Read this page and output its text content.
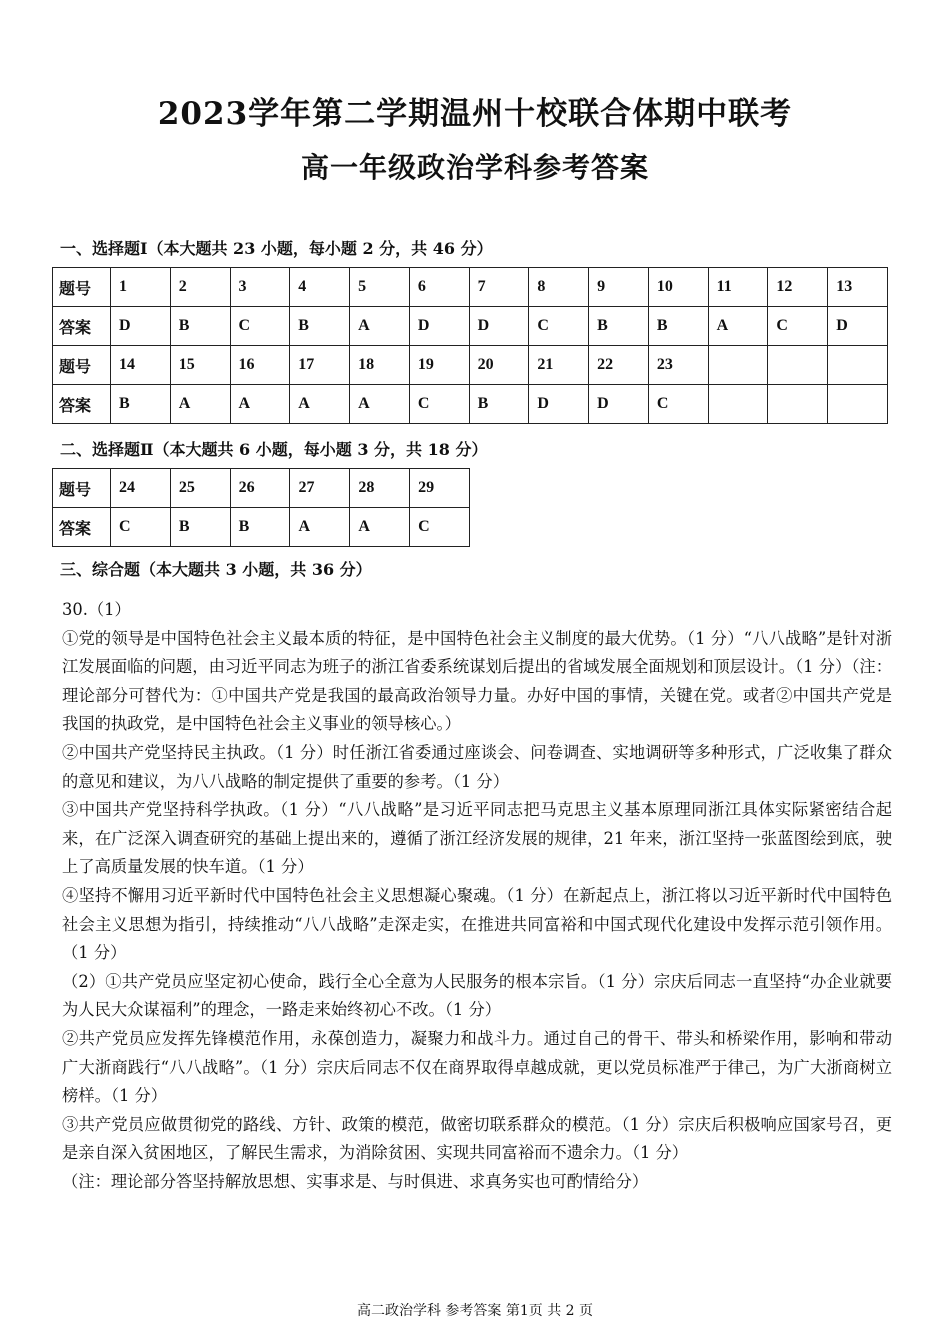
2023学年第二学期温州十校联合体期中联考
高一年级政治学科参考答案
一、选择题Ⅰ（本大题共 23 小题，每小题 2 分，共 46 分）
题号	1	2	3	4	5	6	7	8	9	10	11	12	13
答案	D	B	C	B	A	D	D	C	B	B	A	C	D
题号	14	15	16	17	18	19	20	21	22	23			
答案	B	A	A	A	A	C	B	D	D	C			
二、选择题Ⅱ（本大题共 6 小题，每小题 3 分，共 18 分）
题号	24	25	26	27	28	29
答案	C	B	B	A	A	C
三、综合题（本大题共 3 小题，共 36 分）

30.（1）

①党的领导是中国特色社会主义最本质的特征，是中国特色社会主义制度的最大优势。（1 分）“八八战略”是针对浙江发展面临的问题，由习近平同志为班子的浙江省委系统谋划后提出的省域发展全面规划和顶层设计。（1 分）（注：理论部分可替代为：①中国共产党是我国的最高政治领导力量。办好中国的事情，关键在党。或者②中国共产党是我国的执政党，是中国特色社会主义事业的领导核心。）

②中国共产党坚持民主执政。（1 分）时任浙江省委通过座谈会、问卷调查、实地调研等多种形式，广泛收集了群众的意见和建议，为八八战略的制定提供了重要的参考。（1 分）

③中国共产党坚持科学执政。（1 分）“八八战略”是习近平同志把马克思主义基本原理同浙江具体实际紧密结合起来，在广泛深入调查研究的基础上提出来的，遵循了浙江经济发展的规律，21 年来，浙江坚持一张蓝图绘到底，驶上了高质量发展的快车道。（1 分）

④坚持不懈用习近平新时代中国特色社会主义思想凝心聚魂。（1 分）在新起点上，浙江将以习近平新时代中国特色社会主义思想为指引，持续推动“八八战略”走深走实，在推进共同富裕和中国式现代化建设中发挥示范引领作用。（1 分）

（2）①共产党员应坚定初心使命，践行全心全意为人民服务的根本宗旨。（1 分）宗庆后同志一直坚持“办企业就要为人民大众谋福利”的理念，一路走来始终初心不改。（1 分）

②共产党员应发挥先锋模范作用，永葆创造力，凝聚力和战斗力。通过自己的骨干、带头和桥梁作用，影响和带动广大浙商践行“八八战略”。（1 分）宗庆后同志不仅在商界取得卓越成就，更以党员标准严于律己，为广大浙商树立榜样。（1 分）

③共产党员应做贯彻党的路线、方针、政策的模范，做密切联系群众的模范。（1 分）宗庆后积极响应国家号召，更是亲自深入贫困地区，了解民生需求，为消除贫困、实现共同富裕而不遗余力。（1 分）

（注：理论部分答坚持解放思想、实事求是、与时俱进、求真务实也可酌情给分）

高二政治学科 参考答案 第1页 共 2 页
